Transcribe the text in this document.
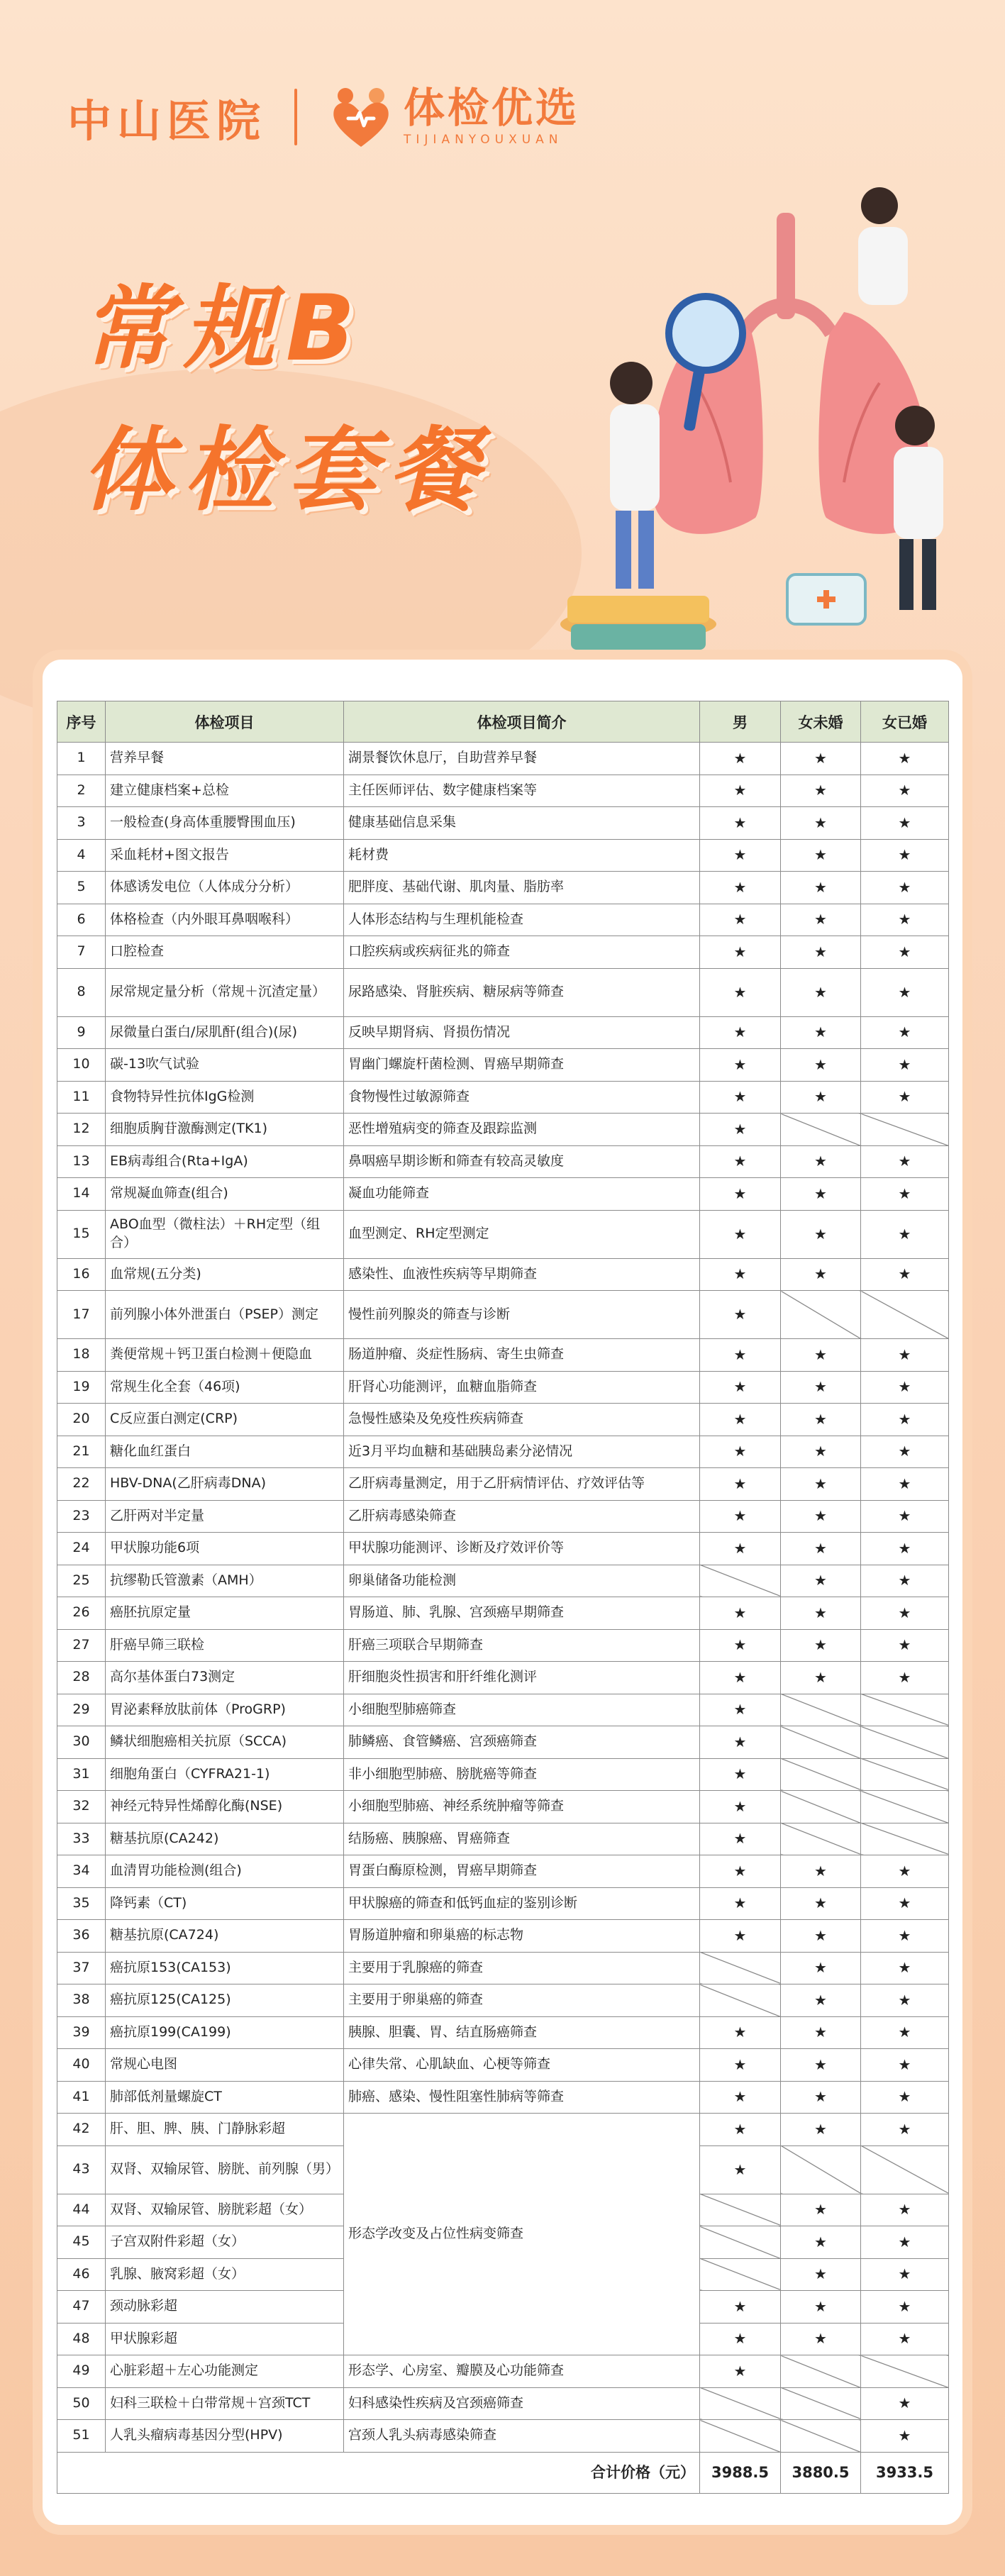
中山医院	体检优选
TIJIANYOUXUAN
常规B
体检套餐
序号	体检项目	体检项目简介	男	女未婚	女已婚
1	营养早餐	湖景餐饮休息厅，自助营养早餐	★	★	★
2	建立健康档案+总检	主任医师评估、数字健康档案等	★	★	★
3	一般检查(身高体重腰臀围血压)	健康基础信息采集	★	★	★
4	采血耗材+图文报告	耗材费	★	★	★
5	体感诱发电位（人体成分分析）	肥胖度、基础代谢、肌肉量、脂肪率	★	★	★
6	体格检查（内外眼耳鼻咽喉科）	人体形态结构与生理机能检查	★	★	★
7	口腔检查	口腔疾病或疾病征兆的筛查	★	★	★
8	尿常规定量分析（常规＋沉渣定量）	尿路感染、肾脏疾病、糖尿病等筛查	★	★	★
9	尿微量白蛋白/尿肌酐(组合)(尿)	反映早期肾病、肾损伤情况	★	★	★
10	碳-13吹气试验	胃幽门螺旋杆菌检测、胃癌早期筛查	★	★	★
11	食物特异性抗体IgG检测	食物慢性过敏源筛查	★	★	★
12	细胞质胸苷激酶测定(TK1)	恶性增殖病变的筛查及跟踪监测	★		
13	EB病毒组合(Rta+IgA)	鼻咽癌早期诊断和筛查有较高灵敏度	★	★	★
14	常规凝血筛查(组合)	凝血功能筛查	★	★	★
15	ABO血型（微柱法）＋RH定型（组合）	血型测定、RH定型测定	★	★	★
16	血常规(五分类)	感染性、血液性疾病等早期筛查	★	★	★
17	前列腺小体外泄蛋白（PSEP）测定	慢性前列腺炎的筛查与诊断	★		
18	粪便常规＋钙卫蛋白检测＋便隐血	肠道肿瘤、炎症性肠病、寄生虫筛查	★	★	★
19	常规生化全套（46项)	肝肾心功能测评，血糖血脂筛查	★	★	★
20	C反应蛋白测定(CRP)	急慢性感染及免疫性疾病筛查	★	★	★
21	糖化血红蛋白	近3月平均血糖和基础胰岛素分泌情况	★	★	★
22	HBV-DNA(乙肝病毒DNA)	乙肝病毒量测定，用于乙肝病情评估、疗效评估等	★	★	★
23	乙肝两对半定量	乙肝病毒感染筛查	★	★	★
24	甲状腺功能6项	甲状腺功能测评、诊断及疗效评价等	★	★	★
25	抗缪勒氏管激素（AMH）	卵巢储备功能检测		★	★
26	癌胚抗原定量	胃肠道、肺、乳腺、宫颈癌早期筛查	★	★	★
27	肝癌早筛三联检	肝癌三项联合早期筛查	★	★	★
28	高尔基体蛋白73测定	肝细胞炎性损害和肝纤维化测评	★	★	★
29	胃泌素释放肽前体（ProGRP)	小细胞型肺癌筛查	★		
30	鳞状细胞癌相关抗原（SCCA)	肺鳞癌、食管鳞癌、宫颈癌筛查	★		
31	细胞角蛋白（CYFRA21-1)	非小细胞型肺癌、膀胱癌等筛查	★		
32	神经元特异性烯醇化酶(NSE)	小细胞型肺癌、神经系统肿瘤等筛查	★		
33	糖基抗原(CA242)	结肠癌、胰腺癌、胃癌筛查	★		
34	血清胃功能检测(组合)	胃蛋白酶原检测，胃癌早期筛查	★	★	★
35	降钙素（CT)	甲状腺癌的筛查和低钙血症的鉴别诊断	★	★	★
36	糖基抗原(CA724)	胃肠道肿瘤和卵巢癌的标志物	★	★	★
37	癌抗原153(CA153)	主要用于乳腺癌的筛查		★	★
38	癌抗原125(CA125)	主要用于卵巢癌的筛查		★	★
39	癌抗原199(CA199)	胰腺、胆囊、胃、结直肠癌筛查	★	★	★
40	常规心电图	心律失常、心肌缺血、心梗等筛查	★	★	★
41	肺部低剂量螺旋CT	肺癌、感染、慢性阻塞性肺病等筛查	★	★	★
42	肝、胆、脾、胰、门静脉彩超	形态学改变及占位性病变筛查	★	★	★
43	双肾、双输尿管、膀胱、前列腺（男）		★		
44	双肾、双输尿管、膀胱彩超（女）			★	★
45	子宫双附件彩超（女）			★	★
46	乳腺、腋窝彩超（女）			★	★
47	颈动脉彩超		★	★	★
48	甲状腺彩超		★	★	★
49	心脏彩超＋左心功能测定	形态学、心房室、瓣膜及心功能筛查	★		
50	妇科三联检＋白带常规＋宫颈TCT	妇科感染性疾病及宫颈癌筛查			★
51	人乳头瘤病毒基因分型(HPV)	宫颈人乳头病毒感染筛查			★
合计价格（元）			3988.5	3880.5	3933.5
